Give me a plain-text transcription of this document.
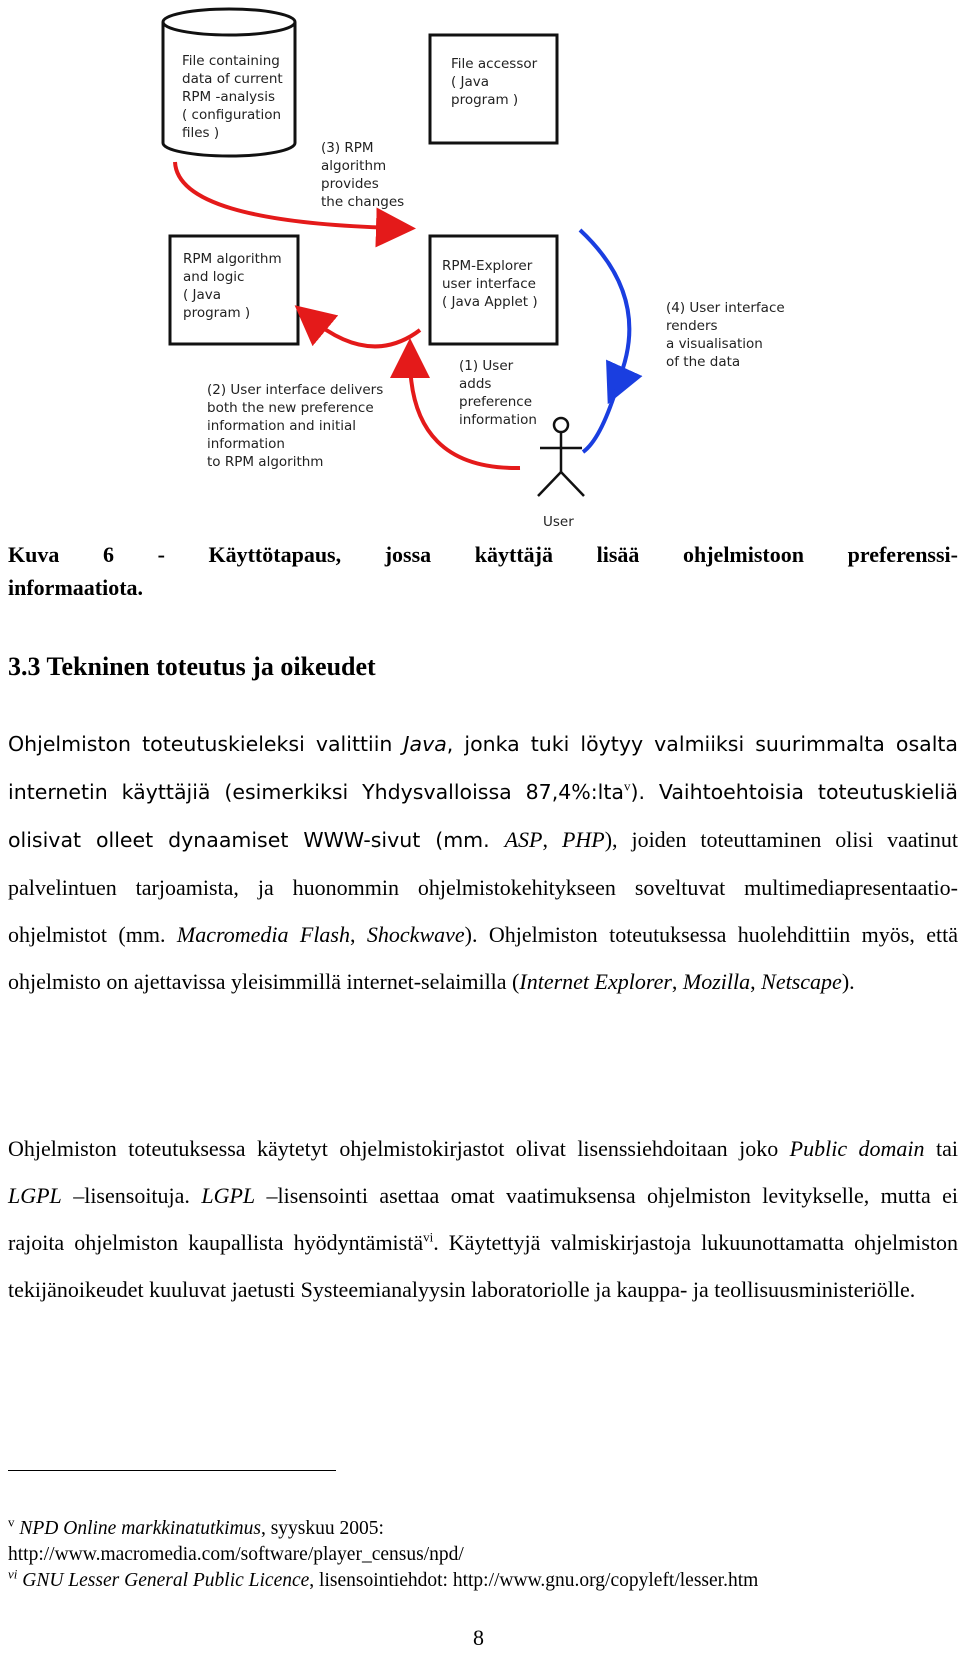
File containing
data of current
RPM -analysis
( configuration
files )
File accessor
( Java
program )
(3) RPM
algorithm
provides
the changes
RPM algorithm
and logic
( Java
program )
RPM-Explorer
user interface
( Java Applet )	(4) User interface
renders
a visualisation
of the data
(2) User interface delivers
both the new preference
information and initial
information
to RPM algorithm
(1) User
adds
preference
information
User

Kuva 6 - Käyttötapaus, jossa käyttäjä lisää ohjelmistoon preferenssi-

informaatiota.

3.3 Tekninen toteutus ja oikeudet

Ohjelmiston toteutuskieleksi valittiin Java, jonka tuki löytyy valmiiksi suurimmalta osalta internetin käyttäjiä (esimerkiksi Yhdysvalloissa 87,4%:lta$^v$). Vaihtoehtoisia toteutuskieliä olisivat olleet dynaamiset WWW-sivut (mm. ASP, PHP), joiden toteuttaminen olisi vaatinut palvelintuen tarjoamista, ja huonommin ohjelmistokehitykseen soveltuvat multimediapresentaatio-ohjelmistot (mm. Macromedia Flash, Shockwave). Ohjelmiston toteutuksessa huolehdittiin myös, että ohjelmisto on ajettavissa yleisimmillä internet-selaimilla (Internet Explorer, Mozilla, Netscape).

Ohjelmiston toteutuksessa käytetyt ohjelmistokirjastot olivat lisenssiehdoitaan joko Public domain tai LGPL –lisensoituja. LGPL –lisensointi asettaa omat vaatimuksensa ohjelmiston levitykselle, mutta ei rajoita ohjelmiston kaupallista hyödyntämistä$^{vi}$. Käytettyjä valmiskirjastoja lukuunottamatta ohjelmiston tekijänoikeudet kuuluvat jaetusti Systeemianalyysin laboratoriolle ja kauppa- ja teollisuusministeriölle.

$^v$ NPD Online markkinatutkimus, syyskuu 2005:

http://www.macromedia.com/software/player_census/npd/

$^{vi}$ GNU Lesser General Public Licence, lisensointiehdot: http://www.gnu.org/copyleft/lesser.htm

8
